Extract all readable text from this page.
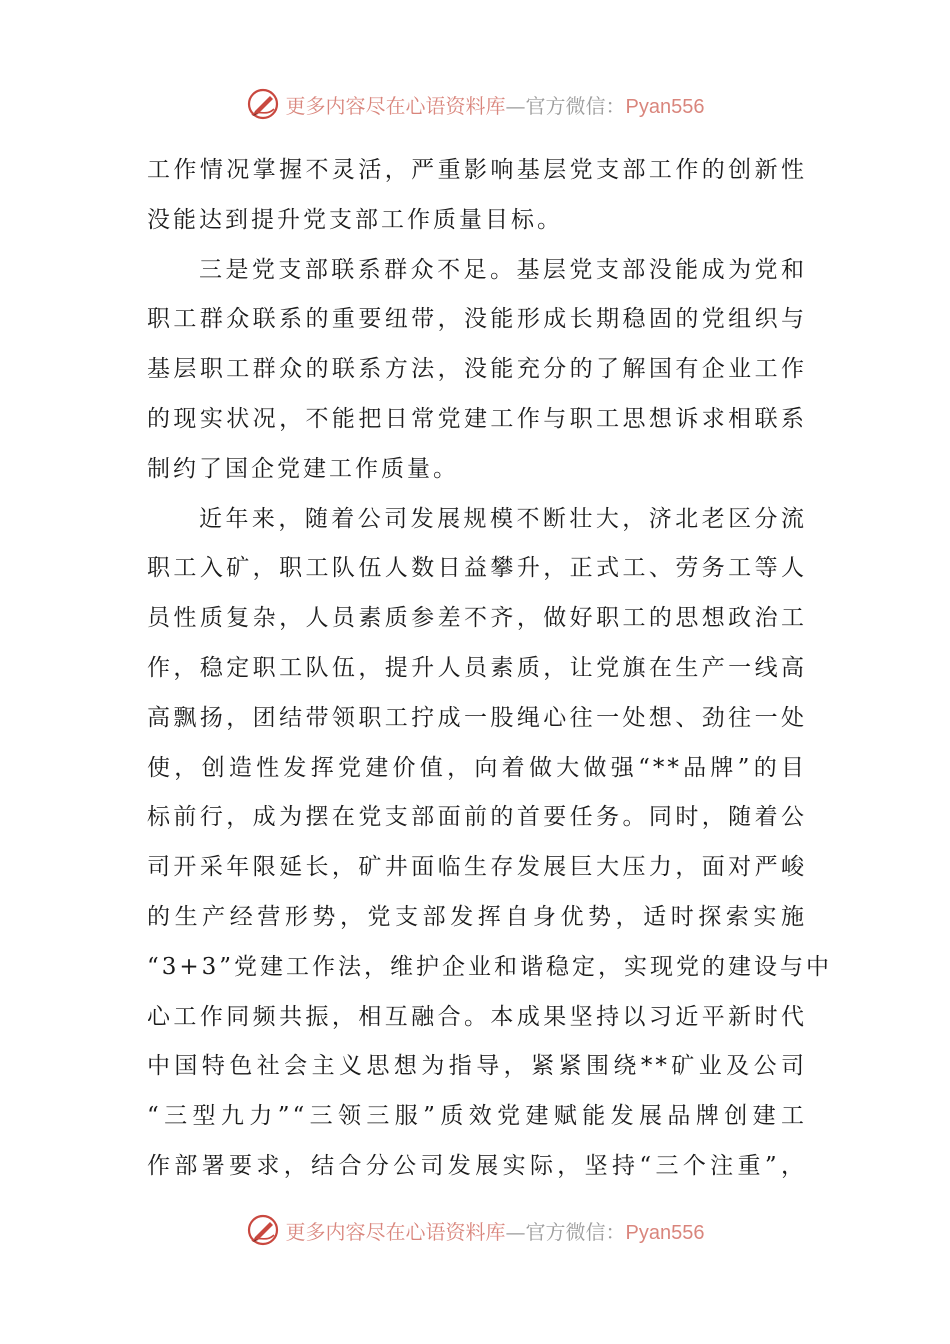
更多内容尽在心语资料库—官方微信：Pyan556
工作情况掌握不灵活，严重影响基层党支部工作的创新性
没能达到提升党支部工作质量目标。
三是党支部联系群众不足。基层党支部没能成为党和
职工群众联系的重要纽带，没能形成长期稳固的党组织与
基层职工群众的联系方法，没能充分的了解国有企业工作
的现实状况，不能把日常党建工作与职工思想诉求相联系
制约了国企党建工作质量。
近年来，随着公司发展规模不断壮大，济北老区分流
职工入矿，职工队伍人数日益攀升，正式工、劳务工等人
员性质复杂，人员素质参差不齐，做好职工的思想政治工
作，稳定职工队伍，提升人员素质，让党旗在生产一线高
高飘扬，团结带领职工拧成一股绳心往一处想、劲往一处
使，创造性发挥党建价值，向着做大做强“**品牌”的目
标前行，成为摆在党支部面前的首要任务。同时，随着公
司开采年限延长，矿井面临生存发展巨大压力，面对严峻
的生产经营形势，党支部发挥自身优势，适时探索实施
“3+3”党建工作法，维护企业和谐稳定，实现党的建设与中
心工作同频共振，相互融合。本成果坚持以习近平新时代
中国特色社会主义思想为指导，紧紧围绕**矿业及公司
“三型九力”“三领三服”质效党建赋能发展品牌创建工
作部署要求，结合分公司发展实际，坚持“三个注重”，
更多内容尽在心语资料库—官方微信：Pyan556
